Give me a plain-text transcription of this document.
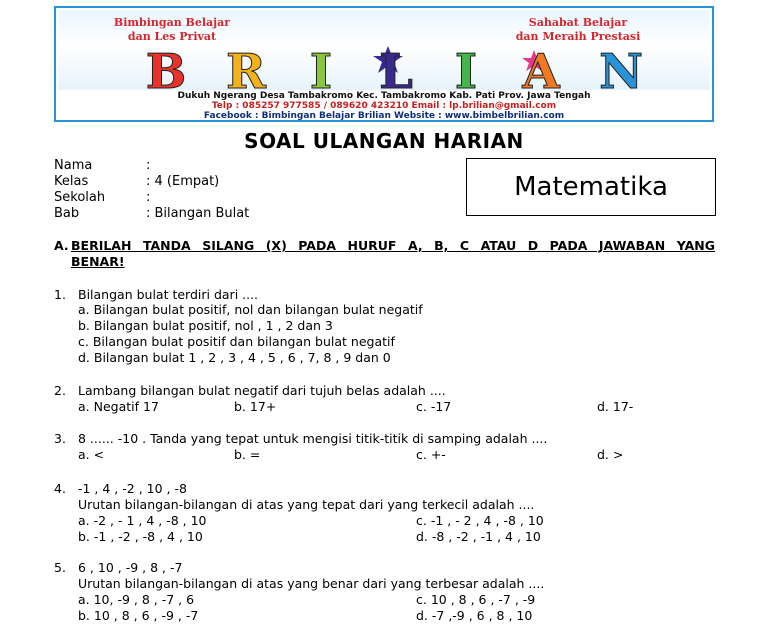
Bimbingan Belajar
dan Les Privat
Sahabat Belajar
dan Meraih Prestasi
B R I L I A N
Dukuh Ngerang Desa Tambakromo Kec. Tambakromo Kab. Pati Prov. Jawa Tengah
Telp : 085257 977585 / 089620 423210 Email : lp.brilian@gmail.com
Facebook : Bimbingan Belajar Brilian Website : www.bimbelbrilian.com
SOAL ULANGAN HARIAN
Nama	:
Kelas	: 4 (Empat)
Sekolah	:
Bab	: Bilangan Bulat
Matematika
A. BERILAH TANDA SILANG (X) PADA HURUF A, B, C ATAU D PADA JAWABAN YANG
BENAR!
1. Bilangan bulat terdiri dari ....
a. Bilangan bulat positif, nol dan bilangan bulat negatif
b. Bilangan bulat positif, nol , 1 , 2 dan 3
c. Bilangan bulat positif dan bilangan bulat negatif
d. Bilangan bulat 1 , 2 , 3 , 4 , 5 , 6 , 7, 8 , 9 dan 0
2. Lambang bilangan bulat negatif dari tujuh belas adalah ....
a. Negatif 17	b. 17+	c. -17	d. 17-
3. 8 ...... -10 . Tanda yang tepat untuk mengisi titik-titik di samping adalah ....
a. <	b. =	c. +-	d. >
4. -1 , 4 , -2 , 10 , -8
Urutan bilangan-bilangan di atas yang tepat dari yang terkecil adalah ....
a. -2 , - 1 , 4 , -8 , 10	c. -1 , - 2 , 4 , -8 , 10
b. -1 , -2 , -8 , 4 , 10	d. -8 , -2 , -1 , 4 , 10
5. 6 , 10 , -9 , 8 , -7
Urutan bilangan-bilangan di atas yang benar dari yang terbesar adalah ....
a. 10, -9 , 8 , -7 , 6	c. 10 , 8 , 6 , -7 , -9
b. 10 , 8 , 6 , -9 , -7	d. -7 ,-9 , 6 , 8 , 10
